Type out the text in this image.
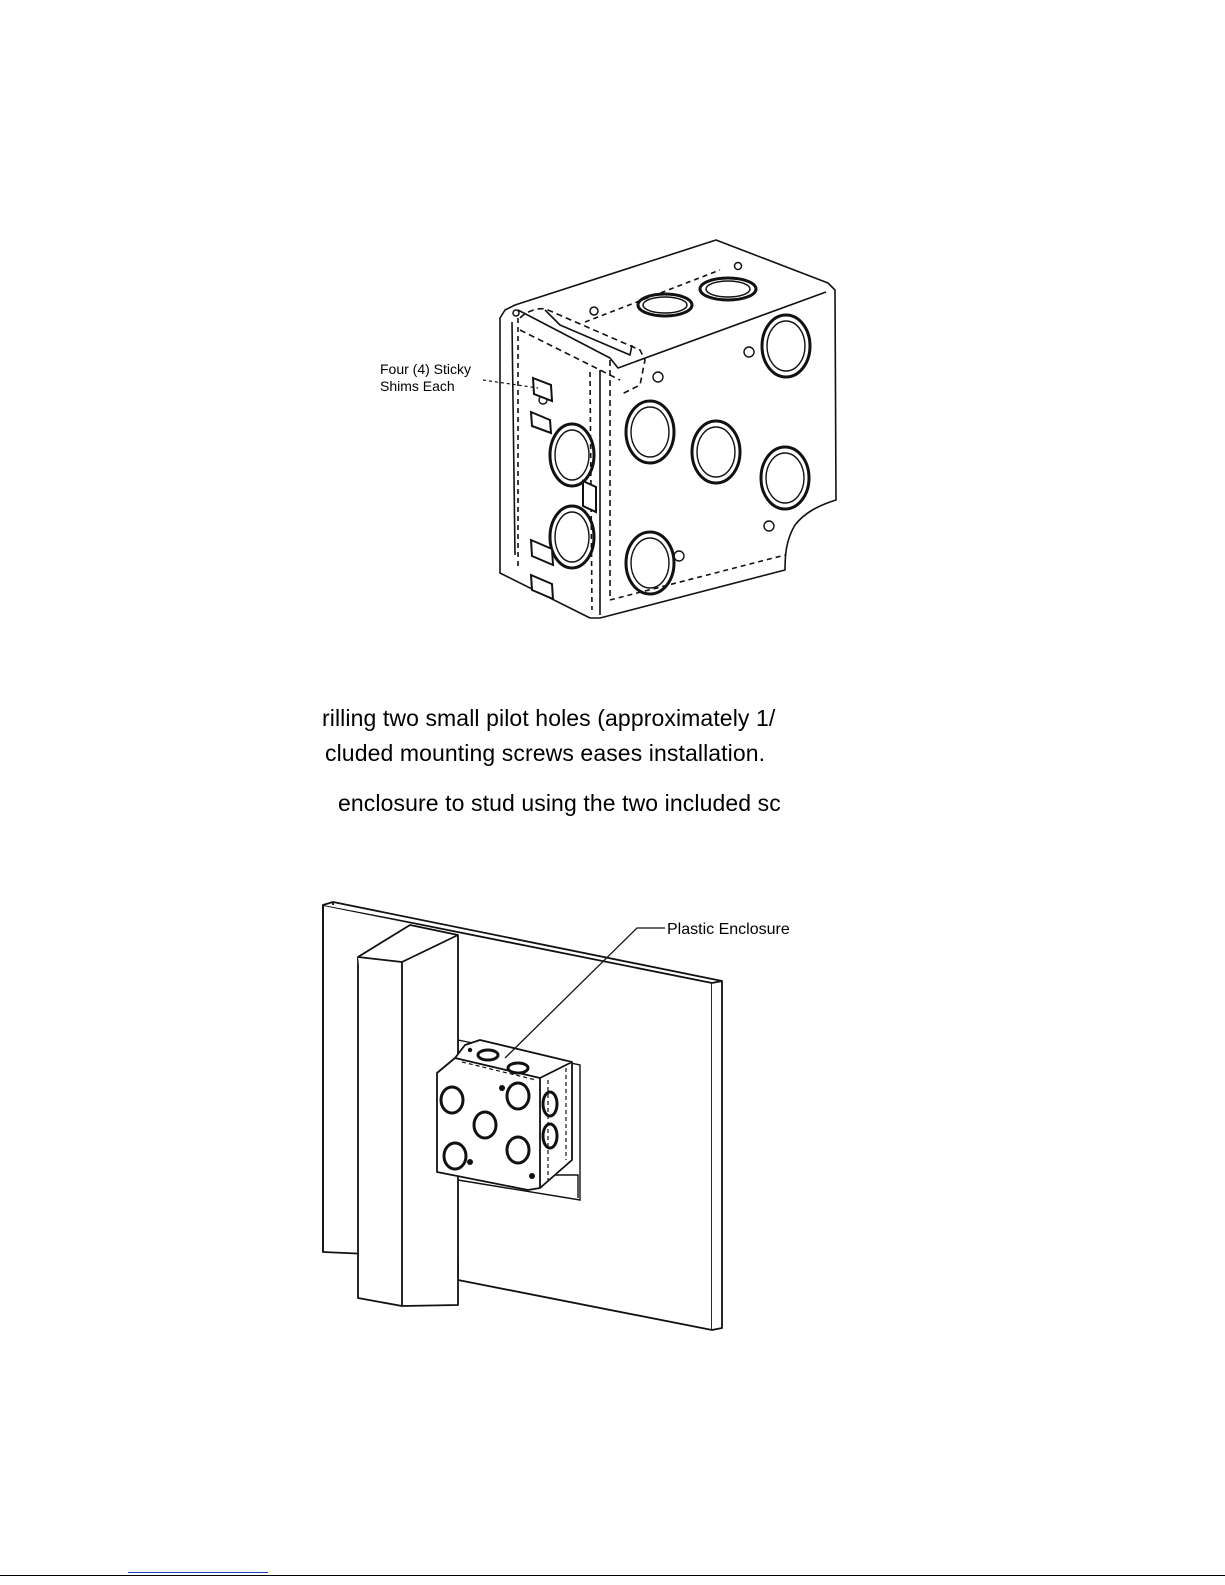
Four (4) Sticky
Shims Each
rilling two small pilot holes (approximately 1/
cluded mounting screws eases installation.
enclosure to stud using the two included sc
Plastic Enclosure
